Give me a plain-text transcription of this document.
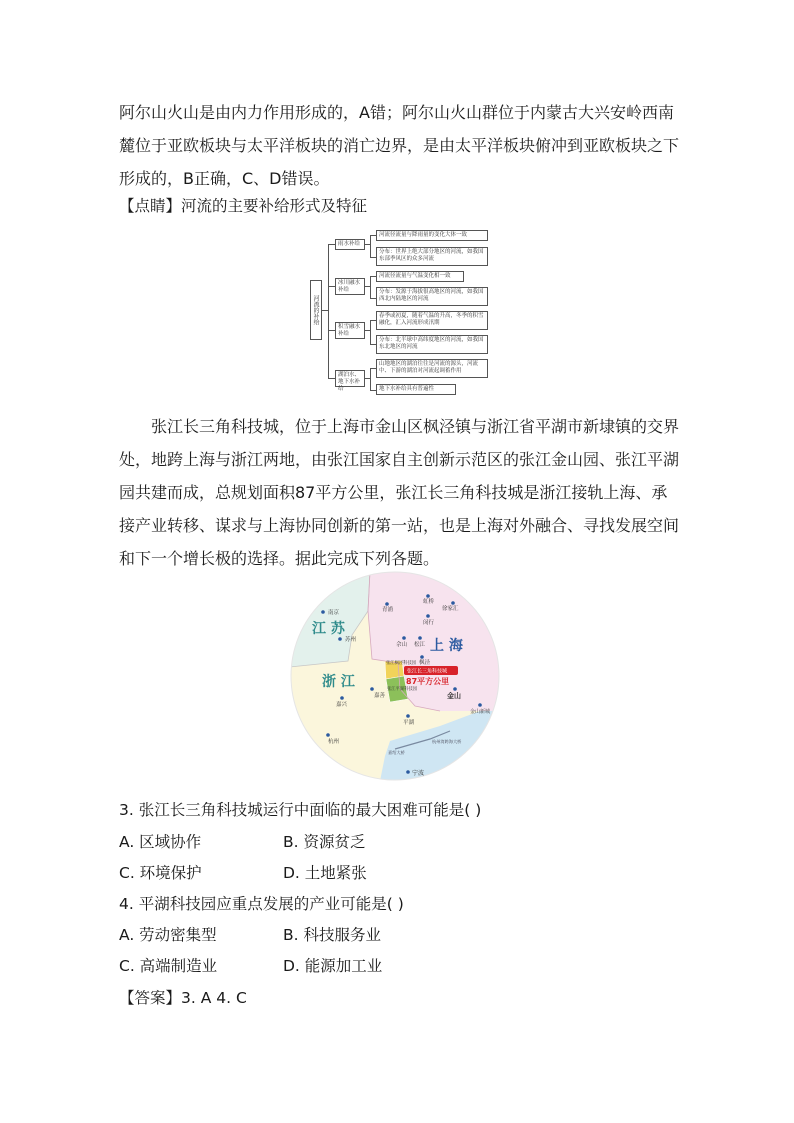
阿尔山火山是由内力作用形成的，A错；阿尔山火山群位于内蒙古大兴安岭西南麓位于亚欧板块与太平洋板块的消亡边界，是由太平洋板块俯冲到亚欧板块之下形成的，B正确，C、D错误。

【点睛】河流的主要补给形式及特征
河流的补给
雨水补给
河流径流量与降雨量的变化大体一致
分布：世界上绝大部分地区的河流，如我国东部季风区的众多河流
冰川融水补给
河流径流量与气温变化相一致
分布：发源于海拔很高地区的河流，如我国西北内陆地区的河流
积雪融水补给
春季或初夏，随着气温的升高，冬季的积雪融化，汇入河流形成汛期
分布：北半球中高纬度地区的河流，如我国东北地区的河流
湖泊水、地下水补给
山地地区的湖泊往往是河流的源头，河流中、下游的湖泊对河流起调蓄作用
地下水补给具有普遍性

张江长三角科技城，位于上海市金山区枫泾镇与浙江省平湖市新埭镇的交界处，地跨上海与浙江两地，由张江国家自主创新示范区的张江金山园、张江平湖园共建而成，总规划面积87平方公里，张江长三角科技城是浙江接轨上海、承接产业转移、谋求与上海协同创新的第一站，也是上海对外融合、寻找发展空间和下一个增长极的选择。据此完成下列各题。

江 苏
上 海
浙 江
南京
苏州
青浦
虹桥
徐家汇
闵行
佘山 松江
枫泾
嘉善
嘉兴
平湖
杭州
金山
金山新城
宁波
张江枫泾科技园
张江平湖科技园
张江长三角科技城
87平方公里
杭州湾跨海大桥
嘉绍大桥
3. 张江长三角科技城运行中面临的最大困难可能是( )
A. 区域协作	B. 资源贫乏
C. 环境保护	D. 土地紧张
4. 平湖科技园应重点发展的产业可能是( )
A. 劳动密集型	B. 科技服务业
C. 高端制造业	D. 能源加工业
【答案】3. A 4. C
